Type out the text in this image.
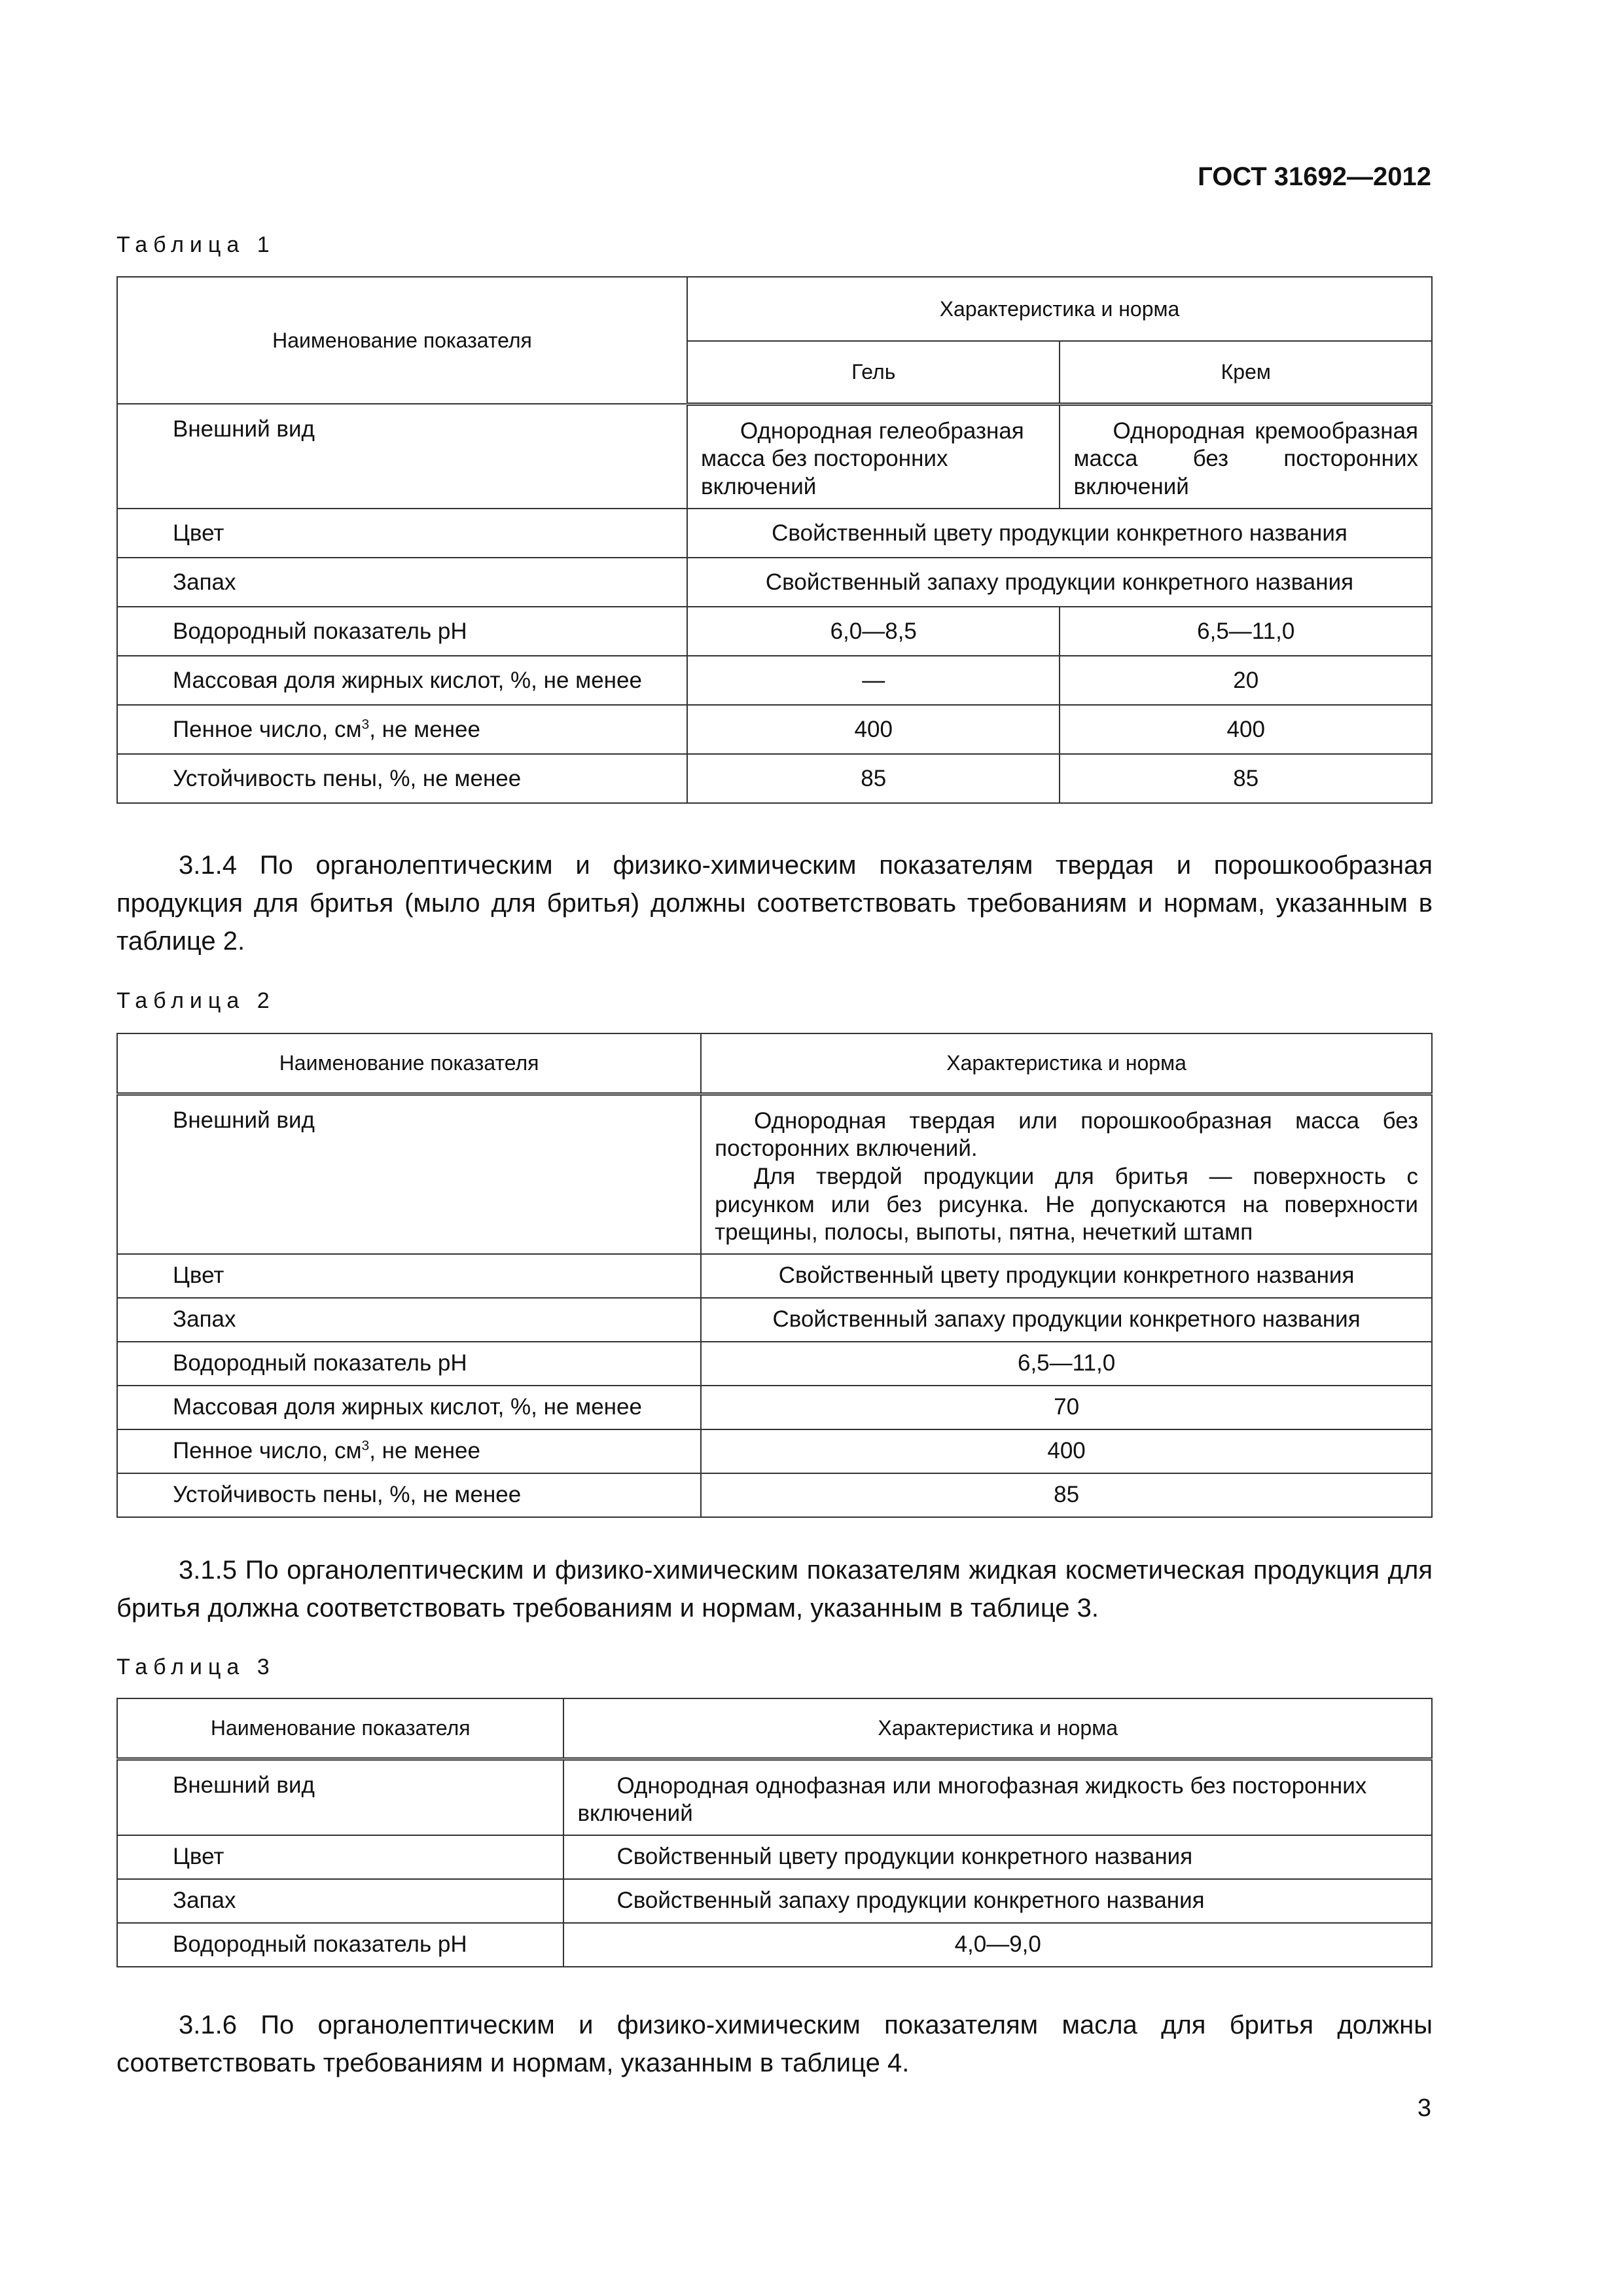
ГОСТ 31692—2012
Таблица 1
Наименование показателя	Характеристика и норма	
	Гель	Крем
Внешний вид	Однородная гелеобразная масса без посторонних включений	Однородная кремообразная масса без посторонних включений
Цвет	Свойственный цвету продукции конкретного названия	
Запах	Свойственный запаху продукции конкретного названия	
Водородный показатель рН	6,0—8,5	6,5—11,0
Массовая доля жирных кислот, %, не менее	—	20
Пенное число, $см^3$, не менее	400	400
Устойчивость пены, %, не менее	85	85
3.1.4 По органолептическим и физико-химическим показателям твердая и порошкообразная продукция для бритья (мыло для бритья) должны соответствовать требованиям и нормам, указанным в таблице 2.
Таблица 2
Наименование показателя	Характеристика и норма
Внешний вид	Однородная твердая или порошкообразная масса без посторонних включений.
Для твердой продукции для бритья — поверхность с рисунком или без рисунка. Не допускаются на поверхности трещины, полосы, выпоты, пятна, нечеткий штамп

Цвет	Свойственный цвету продукции конкретного названия
Запах	Свойственный запаху продукции конкретного названия
Водородный показатель рН	6,5—11,0
Массовая доля жирных кислот, %, не менее	70
Пенное число, $см^3$, не менее	400
Устойчивость пены, %, не менее	85
3.1.5 По органолептическим и физико-химическим показателям жидкая косметическая продукция для бритья должна соответствовать требованиям и нормам, указанным в таблице 3.
Таблица 3
Наименование показателя	Характеристика и норма
Внешний вид	Однородная однофазная или многофазная жидкость без посторонних включений
Цвет	Свойственный цвету продукции конкретного названия
Запах	Свойственный запаху продукции конкретного названия
Водородный показатель рН	4,0—9,0
3.1.6 По органолептическим и физико-химическим показателям масла для бритья должны соответствовать требованиям и нормам, указанным в таблице 4.
3
